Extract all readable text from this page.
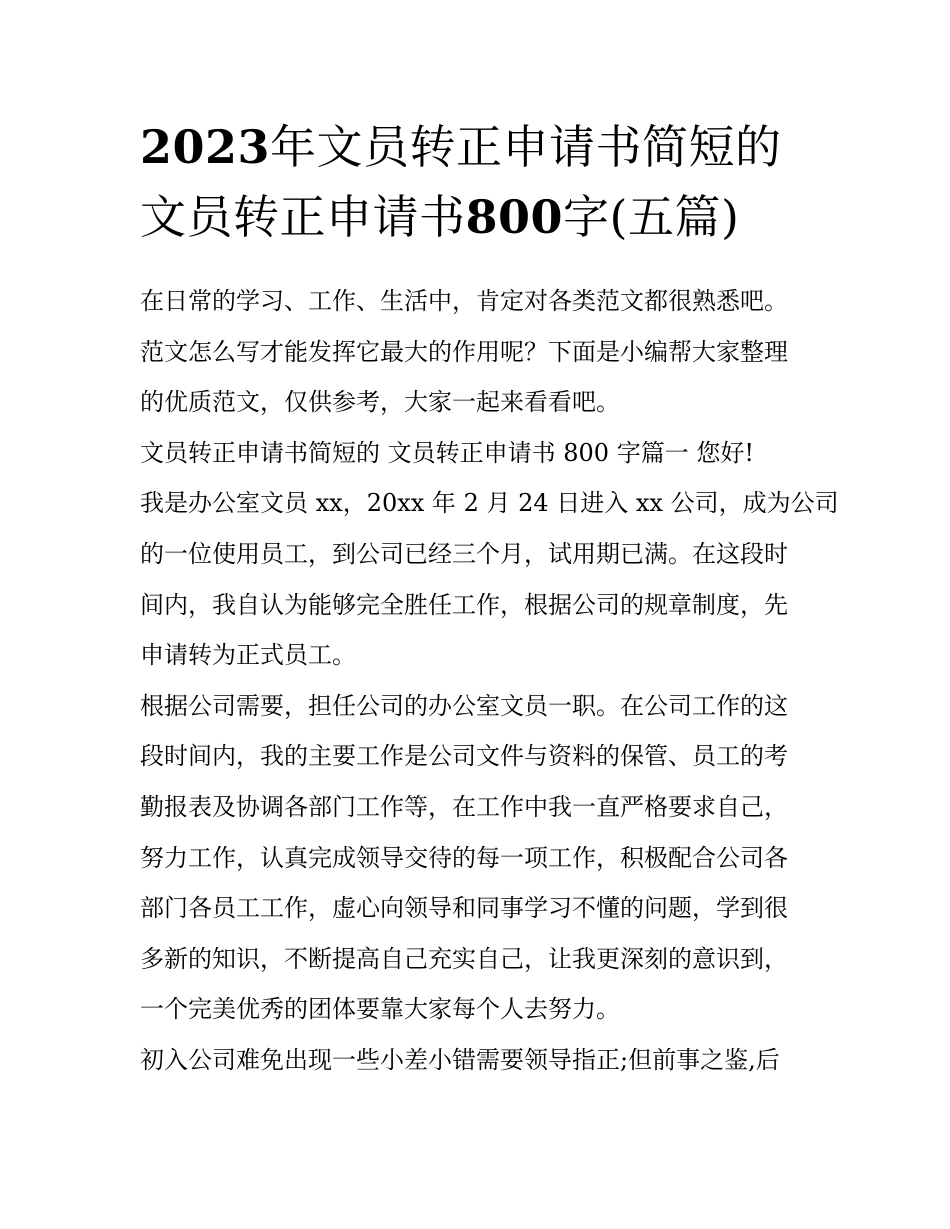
2023年文员转正申请书简短的
文员转正申请书800字(五篇)

在日常的学习、工作、生活中，肯定对各类范文都很熟悉吧。
范文怎么写才能发挥它最大的作用呢？下面是小编帮大家整理
的优质范文，仅供参考，大家一起来看看吧。

文员转正申请书简短的 文员转正申请书 800 字篇一 您好!

我是办公室文员 xx，20xx 年 2 月 24 日进入 xx 公司，成为公司
的一位使用员工，到公司已经三个月，试用期已满。在这段时
间内，我自认为能够完全胜任工作，根据公司的规章制度，先
申请转为正式员工。

根据公司需要，担任公司的办公室文员一职。在公司工作的这
段时间内，我的主要工作是公司文件与资料的保管、员工的考
勤报表及协调各部门工作等，在工作中我一直严格要求自己，
努力工作，认真完成领导交待的每一项工作，积极配合公司各
部门各员工工作，虚心向领导和同事学习不懂的问题，学到很
多新的知识，不断提高自己充实自己，让我更深刻的意识到，
一个完美优秀的团体要靠大家每个人去努力。

初入公司难免出现一些小差小错需要领导指正;但前事之鉴,后
